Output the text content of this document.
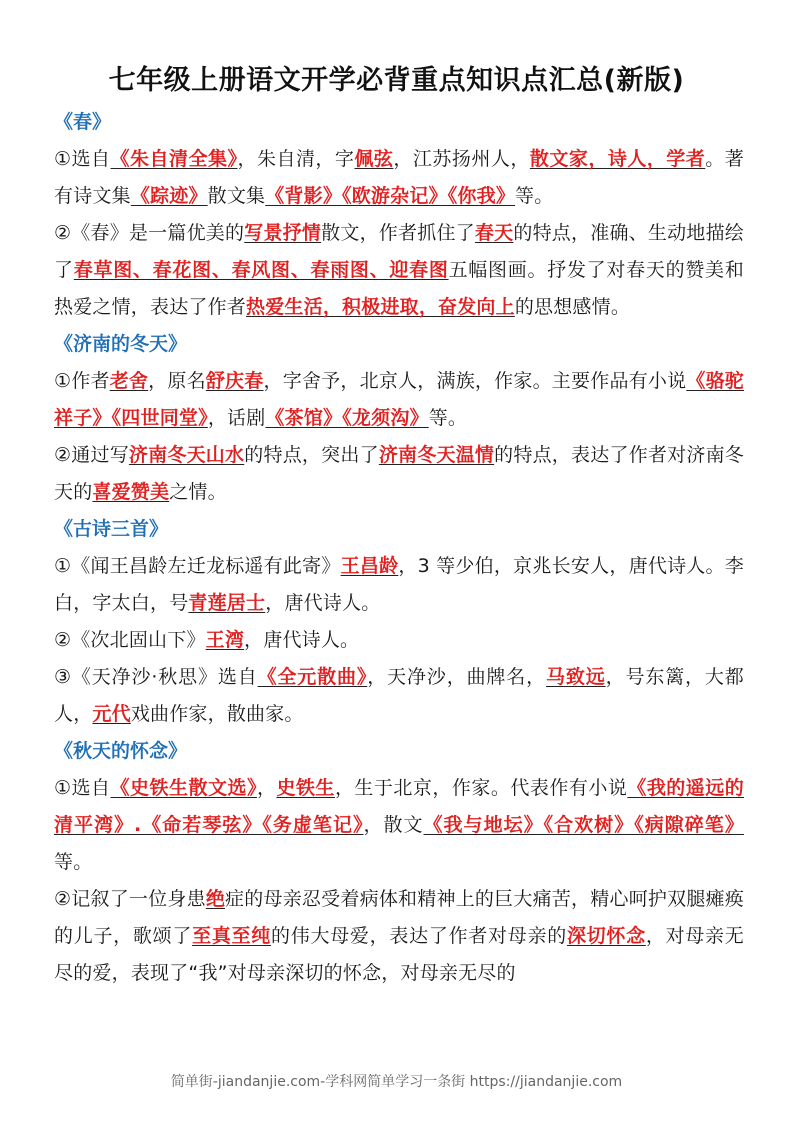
七年级上册语文开学必背重点知识点汇总(新版)
《春》
①选自《朱自清全集》，朱自清，字佩弦，江苏扬州人，散文家，诗人，学者。著有诗文集《踪迹》散文集《背影》《欧游杂记》《你我》等。
②《春》是一篇优美的写景抒情散文，作者抓住了春天的特点，准确、生动地描绘了春草图、春花图、春风图、春雨图、迎春图五幅图画。抒发了对春天的赞美和热爱之情，表达了作者热爱生活，积极进取，奋发向上的思想感情。
《济南的冬天》
①作者老舍，原名舒庆春，字舍予，北京人，满族，作家。主要作品有小说《骆驼祥子》《四世同堂》，话剧《茶馆》《龙须沟》等。
②通过写济南冬天山水的特点，突出了济南冬天温情的特点，表达了作者对济南冬天的喜爱赞美之情。
《古诗三首》
①《闻王昌龄左迁龙标遥有此寄》王昌龄，3 等少伯，京兆长安人，唐代诗人。李白，字太白，号青莲居士，唐代诗人。
②《次北固山下》王湾，唐代诗人。
③《天净沙·秋思》选自《全元散曲》，天净沙，曲牌名，马致远，号东篱，大都人，元代戏曲作家，散曲家。
《秋天的怀念》
①选自《史铁生散文选》，史铁生，生于北京，作家。代表作有小说《我的遥远的清平湾》.《命若琴弦》《务虚笔记》，散文《我与地坛》《合欢树》《病隙碎笔》等。
②记叙了一位身患绝症的母亲忍受着病体和精神上的巨大痛苦，精心呵护双腿瘫痪的儿子，歌颂了至真至纯的伟大母爱，表达了作者对母亲的深切怀念，对母亲无尽的爱，表现了“我”对母亲深切的怀念，对母亲无尽的
简单街-jiandanjie.com-学科网简单学习一条街 https://jiandanjie.com
